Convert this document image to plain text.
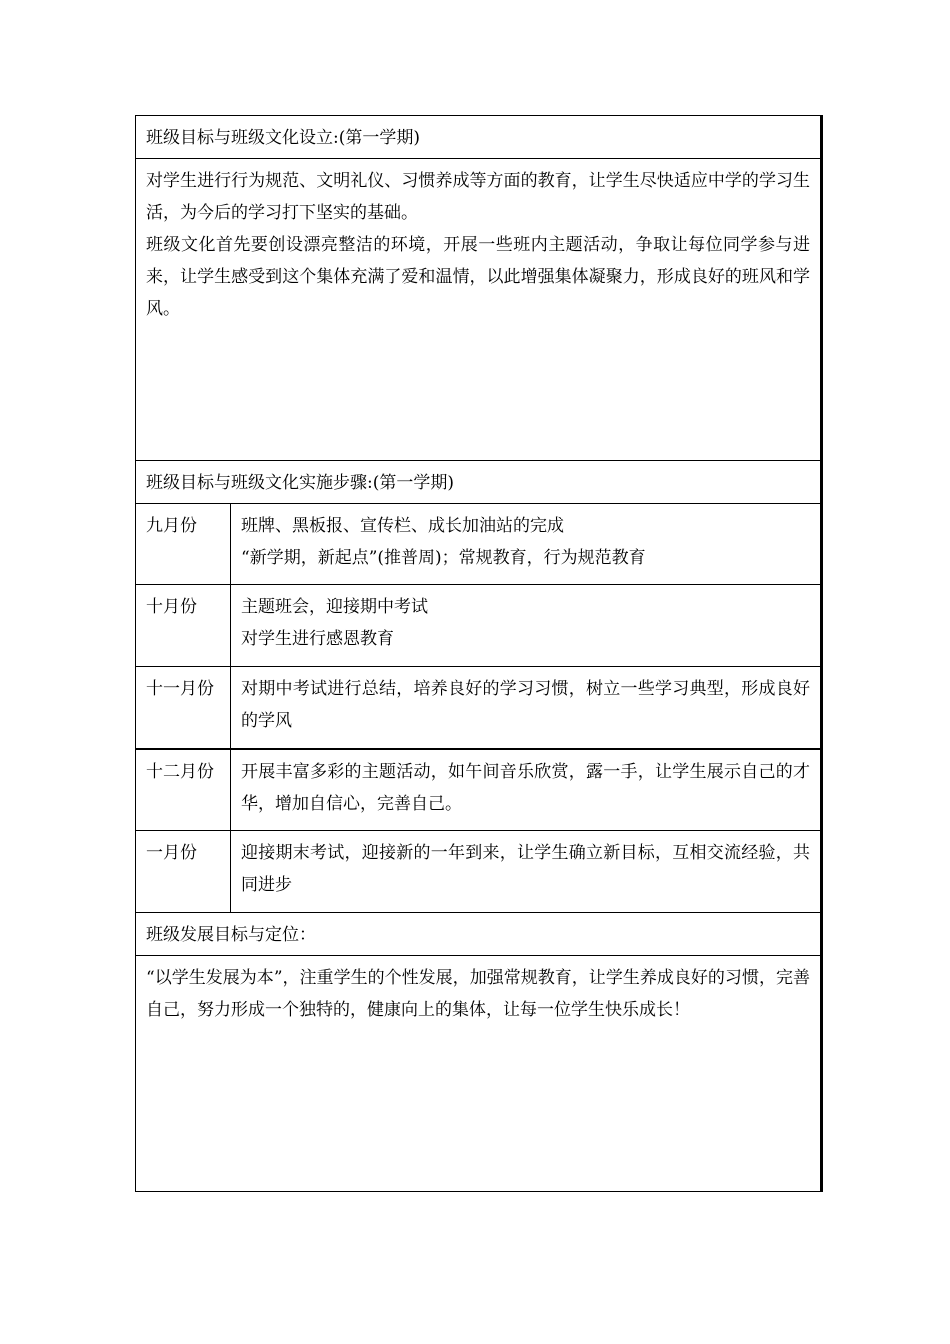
班级目标与班级文化设立:(第一学期)	

对学生进行行为规范、文明礼仪、习惯养成等方面的教育，让学生尽快适应中学的学习生活，为今后的学习打下坚实的基础。
班级文化首先要创设漂亮整洁的环境，开展一些班内主题活动，争取让每位同学参与进来，让学生感受到这个集体充满了爱和温情，以此增强集体凝聚力，形成良好的班风和学风。	

班级目标与班级文化实施步骤:(第一学期)	
九月份	班牌、黑板报、宣传栏、成长加油站的完成
“新学期，新起点”(推普周)；常规教育，行为规范教育

十月份	主题班会，迎接期中考试
对学生进行感恩教育

十一月份	对期中考试进行总结，培养良好的学习习惯，树立一些学习典型，形成良好的学风

十二月份	开展丰富多彩的主题活动，如午间音乐欣赏，露一手，让学生展示自己的才华，增加自信心，完善自己。

一月份	迎接期末考试，迎接新的一年到来，让学生确立新目标，互相交流经验，共同进步

班级发展目标与定位：	

“以学生发展为本”，注重学生的个性发展，加强常规教育，让学生养成良好的习惯，完善自己，努力形成一个独特的，健康向上的集体，让每一位学生快乐成长！	
